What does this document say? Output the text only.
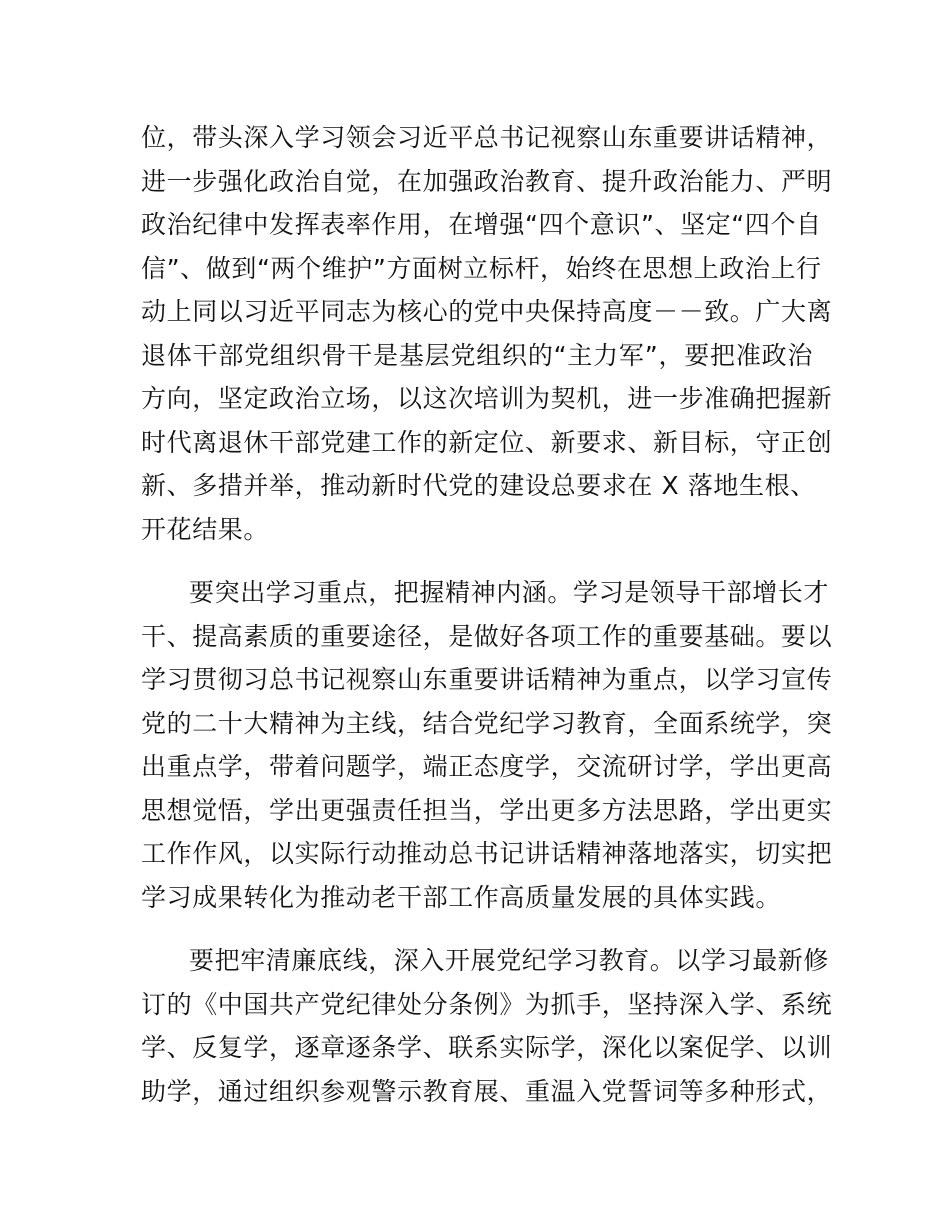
位，带头深入学习领会习近平总书记视察山东重要讲话精神，
进一步强化政治自觉，在加强政治教育、提升政治能力、严明
政治纪律中发挥表率作用，在增强“四个意识”、坚定“四个自
信”、做到“两个维护”方面树立标杆，始终在思想上政治上行
动上同以习近平同志为核心的党中央保持高度－－致。广大离
退体干部党组织骨干是基层党组织的“主力军”，要把准政治
方向，坚定政治立场，以这次培训为契机，进一步准确把握新
时代离退休干部党建工作的新定位、新要求、新目标，守正创
新、多措并举，推动新时代党的建设总要求在 X 落地生根、
开花结果。
要突出学习重点，把握精神内涵。学习是领导干部增长才
干、提高素质的重要途径，是做好各项工作的重要基础。要以
学习贯彻习总书记视察山东重要讲话精神为重点，以学习宣传
党的二十大精神为主线，结合党纪学习教育，全面系统学，突
出重点学，带着问题学，端正态度学，交流研讨学，学出更高
思想觉悟，学出更强责任担当，学出更多方法思路，学出更实
工作作风，以实际行动推动总书记讲话精神落地落实，切实把
学习成果转化为推动老干部工作高质量发展的具体实践。
要把牢清廉底线，深入开展党纪学习教育。以学习最新修
订的《中国共产党纪律处分条例》为抓手，坚持深入学、系统
学、反复学，逐章逐条学、联系实际学，深化以案促学、以训
助学，通过组织参观警示教育展、重温入党誓词等多种形式，
